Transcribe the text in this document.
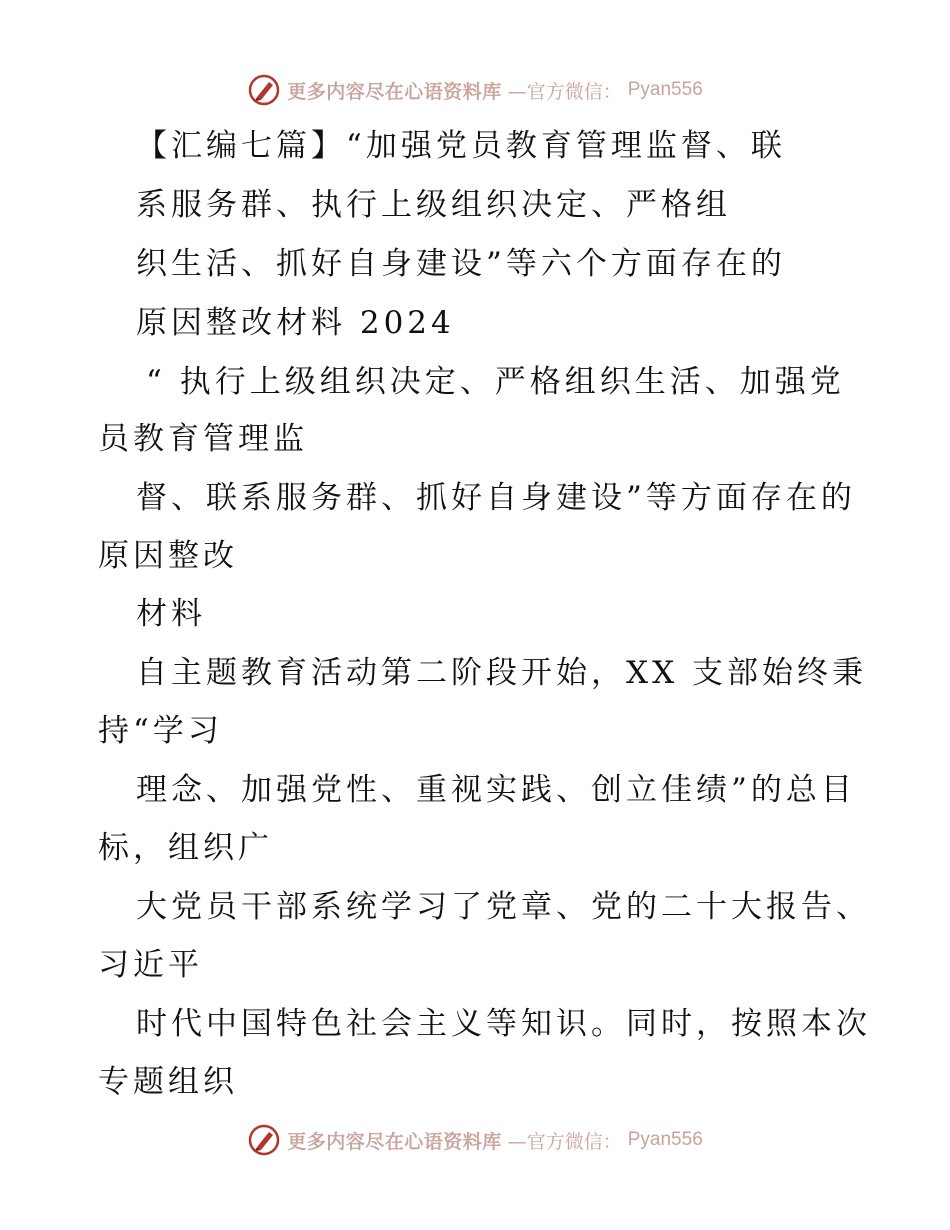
更多内容尽在心语资料库 —官方微信： Pyan556
【汇编七篇】“加强党员教育管理监督、联
系服务群、执行上级组织决定、严格组
织生活、抓好自身建设”等六个方面存在的
原因整改材料 2024
“ 执行上级组织决定、严格组织生活、加强党
员教育管理监
督、联系服务群、抓好自身建设”等方面存在的
原因整改
材料
自主题教育活动第二阶段开始，XX 支部始终秉
持“学习
理念、加强党性、重视实践、创立佳绩”的总目
标，组织广
大党员干部系统学习了党章、党的二十大报告、
习近平
时代中国特色社会主义等知识。同时，按照本次
专题组织
更多内容尽在心语资料库 —官方微信： Pyan556
